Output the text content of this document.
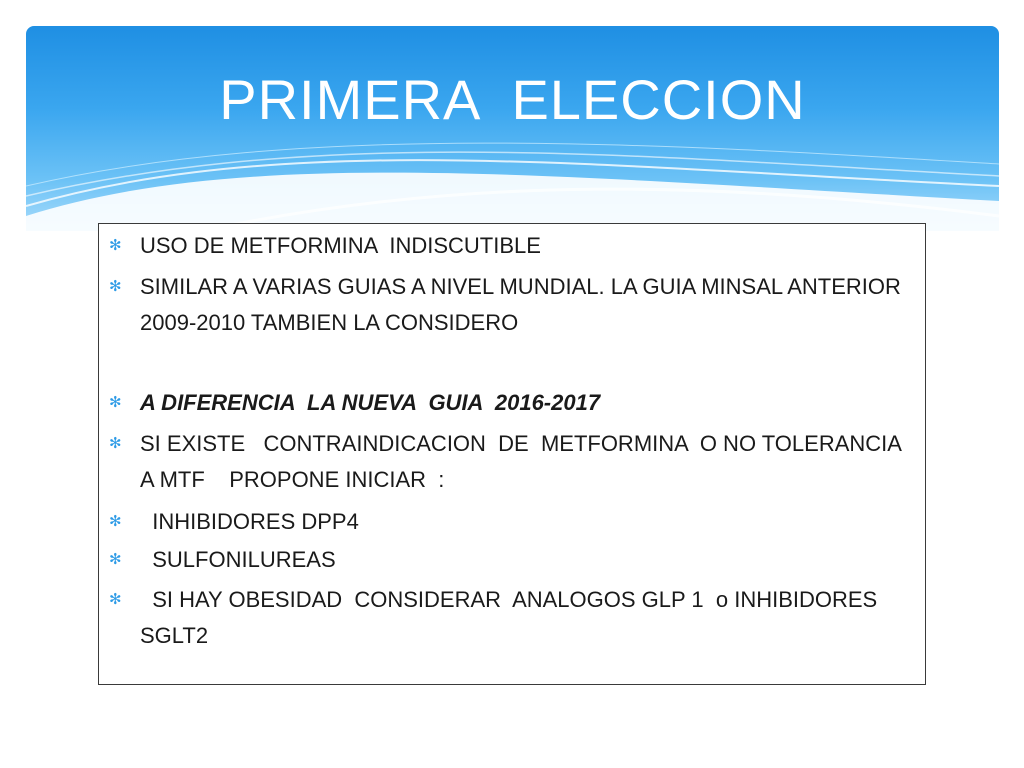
PRIMERA  ELECCION
✻ USO DE METFORMINA  INDISCUTIBLE
✻ SIMILAR A VARIAS GUIAS A NIVEL MUNDIAL. LA GUIA MINSAL ANTERIOR 2009-2010 TAMBIEN LA CONSIDERO
✻ A DIFERENCIA  LA NUEVA  GUIA  2016-2017
✻ SI EXISTE   CONTRAINDICACION  DE  METFORMINA  O NO TOLERANCIA  A MTF    PROPONE INICIAR  :
✻ INHIBIDORES DPP4
✻ SULFONILUREAS
✻ SI HAY OBESIDAD  CONSIDERAR  ANALOGOS GLP 1  o INHIBIDORES  SGLT2
